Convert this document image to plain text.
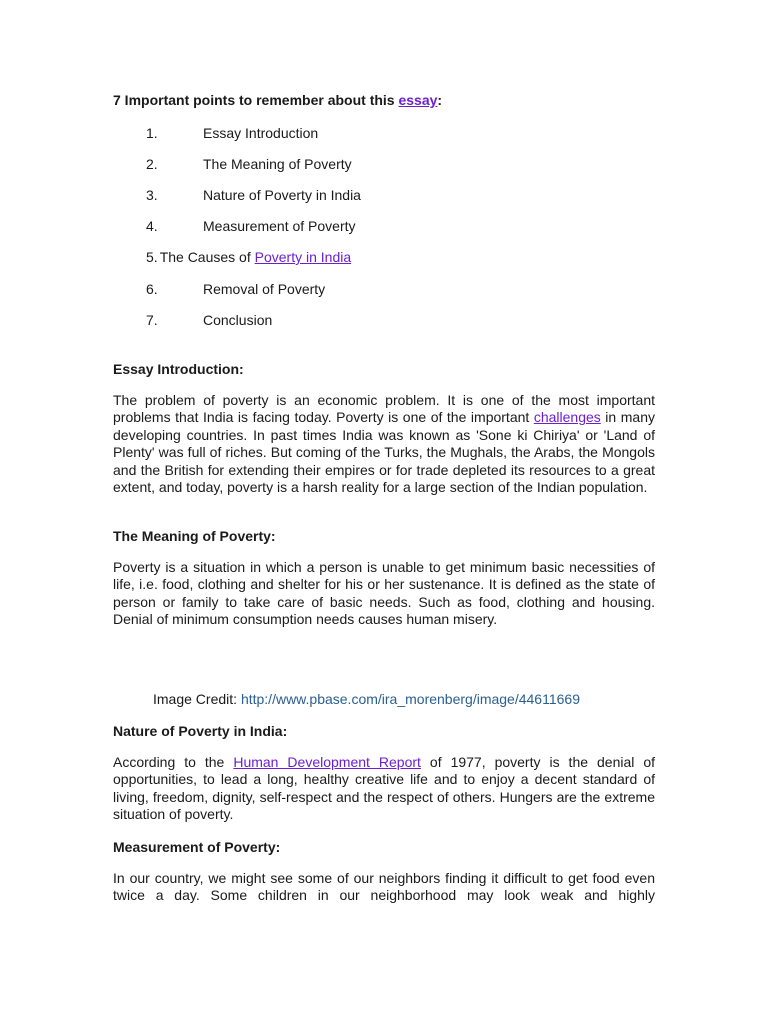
7 Important points to remember about this essay:
1.	Essay Introduction
2.	The Meaning of Poverty
3.	Nature of Poverty in India
4.	Measurement of Poverty
5. The Causes of Poverty in India
6.	Removal of Poverty
7.	Conclusion
Essay Introduction:
The problem of poverty is an economic problem. It is one of the most important problems that India is facing today. Poverty is one of the important challenges in many developing countries. In past times India was known as 'Sone ki Chiriya' or 'Land of Plenty' was full of riches. But coming of the Turks, the Mughals, the Arabs, the Mongols and the British for extending their empires or for trade depleted its resources to a great extent, and today, poverty is a harsh reality for a large section of the Indian population.
The Meaning of Poverty:
Poverty is a situation in which a person is unable to get minimum basic necessities of life, i.e. food, clothing and shelter for his or her sustenance. It is defined as the state of person or family to take care of basic needs. Such as food, clothing and housing. Denial of minimum consumption needs causes human misery.
Image Credit: http://www.pbase.com/ira_morenberg/image/44611669
Nature of Poverty in India:
According to the Human Development Report of 1977, poverty is the denial of opportunities, to lead a long, healthy creative life and to enjoy a decent standard of living, freedom, dignity, self-respect and the respect of others. Hungers are the extreme situation of poverty.
Measurement of Poverty:
In our country, we might see some of our neighbors finding it difficult to get food even twice a day. Some children in our neighborhood may look weak and highly
